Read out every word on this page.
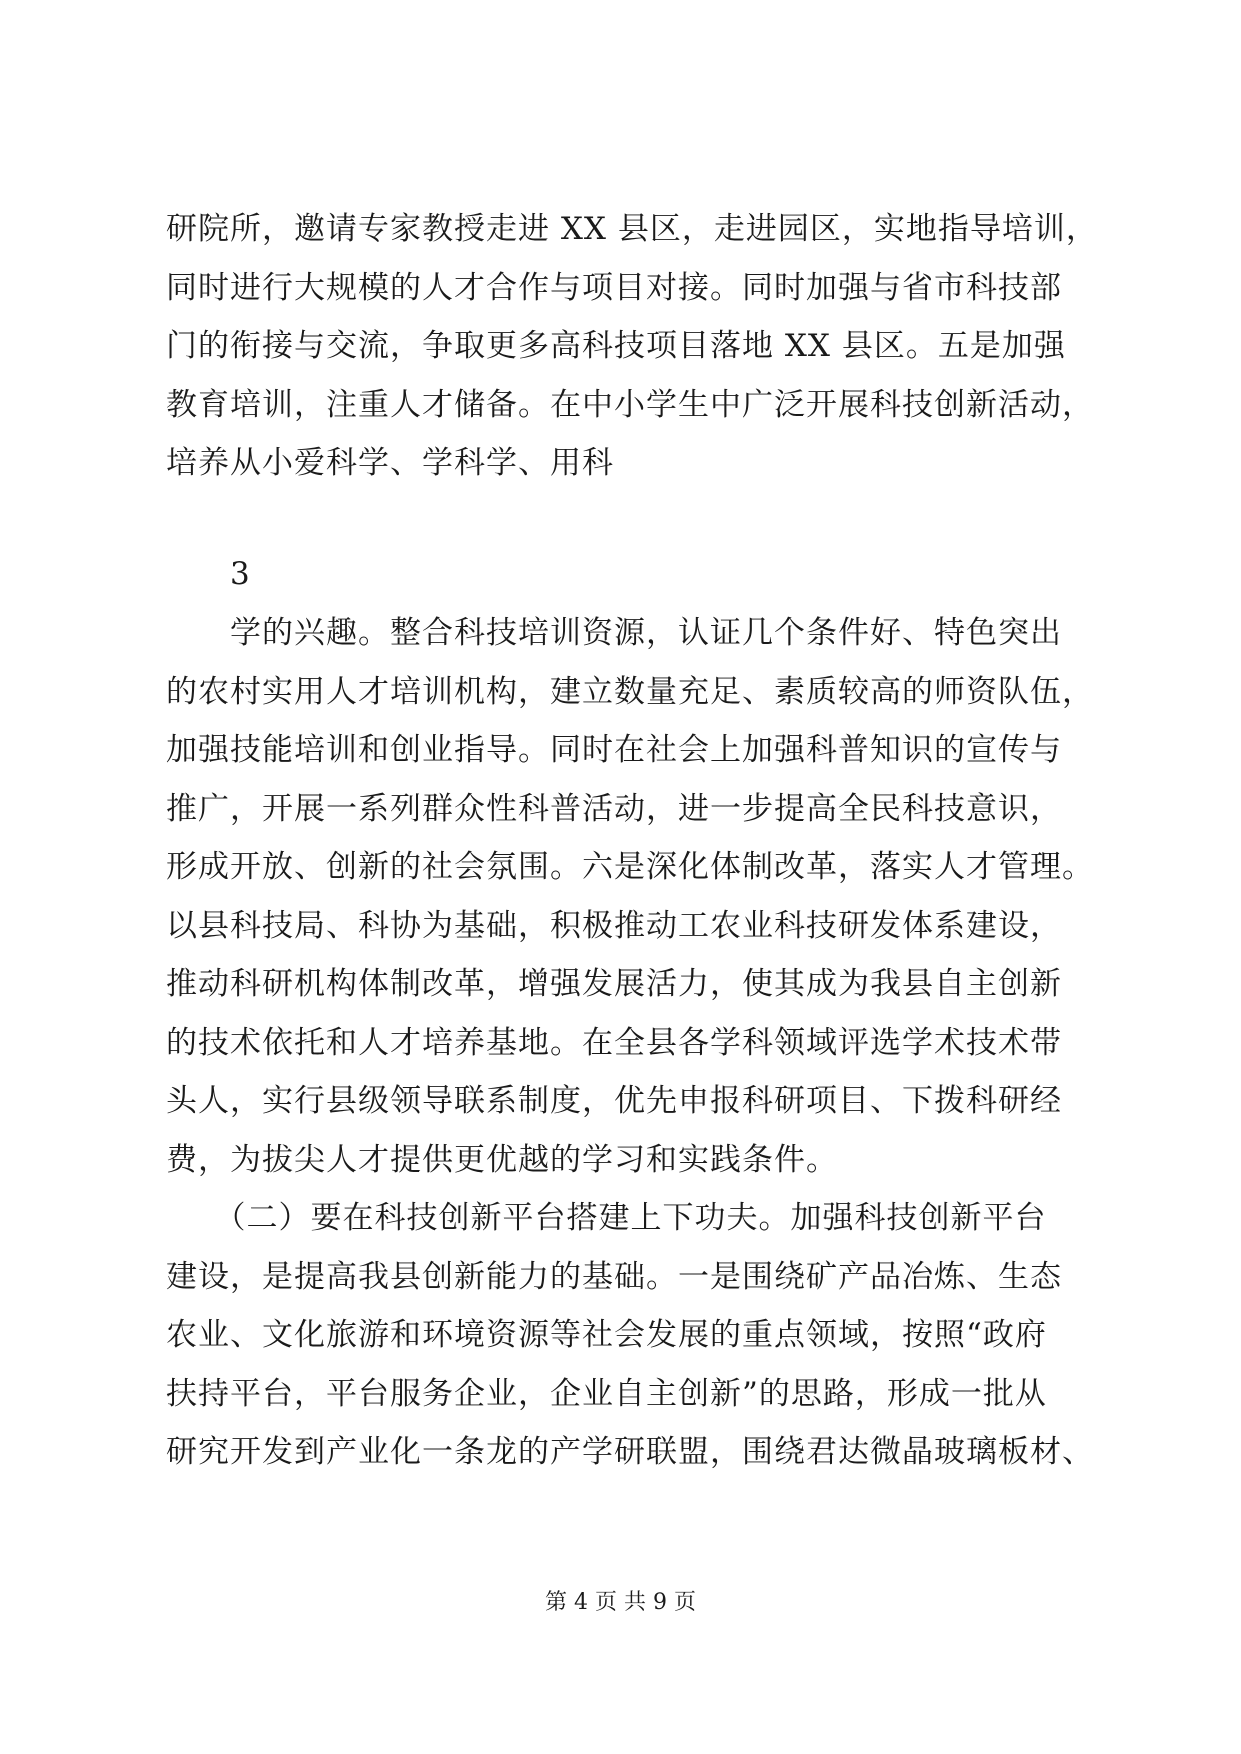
研院所，邀请专家教授走进 XX 县区，走进园区，实地指导培训，
同时进行大规模的人才合作与项目对接。同时加强与省市科技部
门的衔接与交流，争取更多高科技项目落地 XX 县区。五是加强
教育培训，注重人才储备。在中小学生中广泛开展科技创新活动，
培养从小爱科学、学科学、用科
3
　　学的兴趣。整合科技培训资源，认证几个条件好、特色突出
的农村实用人才培训机构，建立数量充足、素质较高的师资队伍，
加强技能培训和创业指导。同时在社会上加强科普知识的宣传与
推广，开展一系列群众性科普活动，进一步提高全民科技意识，
形成开放、创新的社会氛围。六是深化体制改革，落实人才管理。
以县科技局、科协为基础，积极推动工农业科技研发体系建设，
推动科研机构体制改革，增强发展活力，使其成为我县自主创新
的技术依托和人才培养基地。在全县各学科领域评选学术技术带
头人，实行县级领导联系制度，优先申报科研项目、下拨科研经
费，为拔尖人才提供更优越的学习和实践条件。
　　（二）要在科技创新平台搭建上下功夫。加强科技创新平台
建设，是提高我县创新能力的基础。一是围绕矿产品冶炼、生态
农业、文化旅游和环境资源等社会发展的重点领域，按照“政府
扶持平台，平台服务企业，企业自主创新”的思路，形成一批从
研究开发到产业化一条龙的产学研联盟，围绕君达微晶玻璃板材、
第 4 页 共 9 页
